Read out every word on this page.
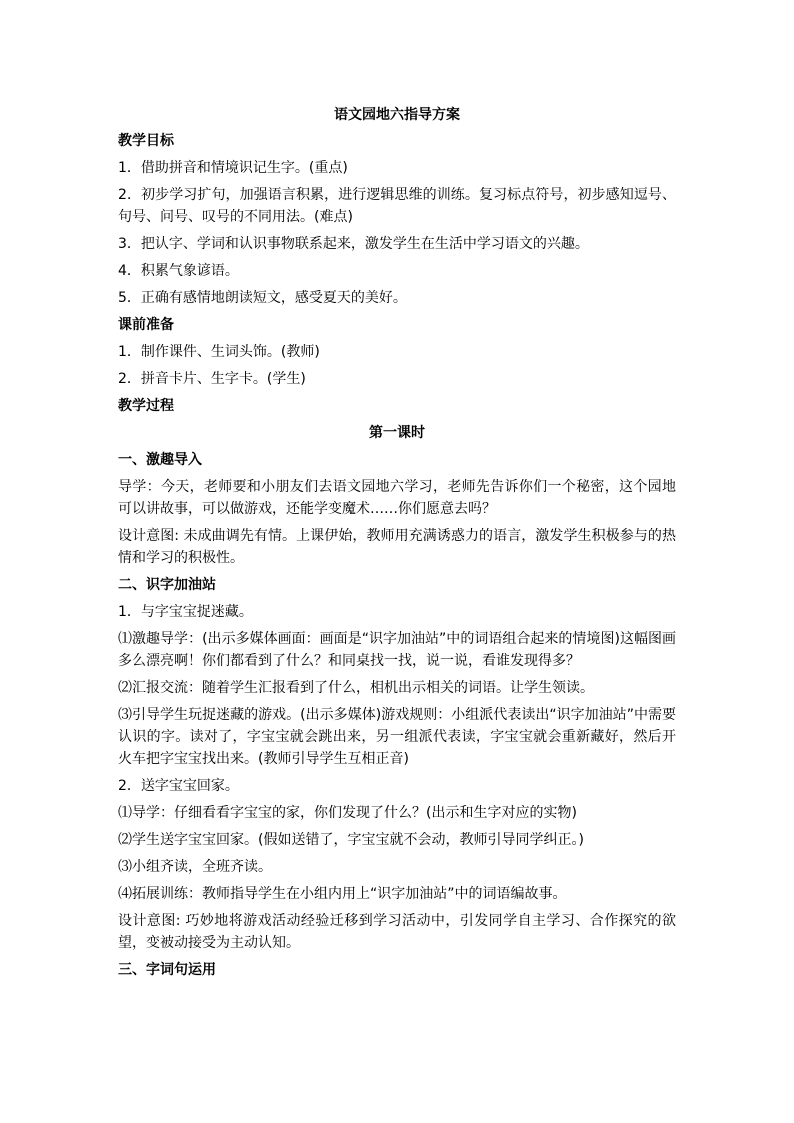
语文园地六指导方案
教学目标
1．借助拼音和情境识记生字。(重点)
2．初步学习扩句，加强语言积累，进行逻辑思维的训练。复习标点符号，初步感知逗号、句号、问号、叹号的不同用法。(难点)
3．把认字、学词和认识事物联系起来，激发学生在生活中学习语文的兴趣。
4．积累气象谚语。
5．正确有感情地朗读短文，感受夏天的美好。
课前准备
1．制作课件、生词头饰。(教师)
2．拼音卡片、生字卡。(学生)
教学过程
第一课时
一、激趣导入
导学：今天，老师要和小朋友们去语文园地六学习，老师先告诉你们一个秘密，这个园地可以讲故事，可以做游戏，还能学变魔术……你们愿意去吗？
设计意图: 未成曲调先有情。上课伊始，教师用充满诱惑力的语言，激发学生积极参与的热情和学习的积极性。
二、识字加油站
1．与字宝宝捉迷藏。
⑴激趣导学：(出示多媒体画面：画面是“识字加油站”中的词语组合起来的情境图)这幅图画多么漂亮啊！你们都看到了什么？和同桌找一找，说一说，看谁发现得多？
⑵汇报交流：随着学生汇报看到了什么，相机出示相关的词语。让学生领读。
⑶引导学生玩捉迷藏的游戏。(出示多媒体)游戏规则：小组派代表读出“识字加油站”中需要认识的字。读对了，字宝宝就会跳出来，另一组派代表读，字宝宝就会重新藏好，然后开火车把字宝宝找出来。(教师引导学生互相正音)
2．送字宝宝回家。
⑴导学：仔细看看字宝宝的家，你们发现了什么？(出示和生字对应的实物)
⑵学生送字宝宝回家。(假如送错了，字宝宝就不会动，教师引导同学纠正。)
⑶小组齐读，全班齐读。
⑷拓展训练：教师指导学生在小组内用上“识字加油站”中的词语编故事。
设计意图: 巧妙地将游戏活动经验迁移到学习活动中，引发同学自主学习、合作探究的欲望，变被动接受为主动认知。
三、字词句运用
